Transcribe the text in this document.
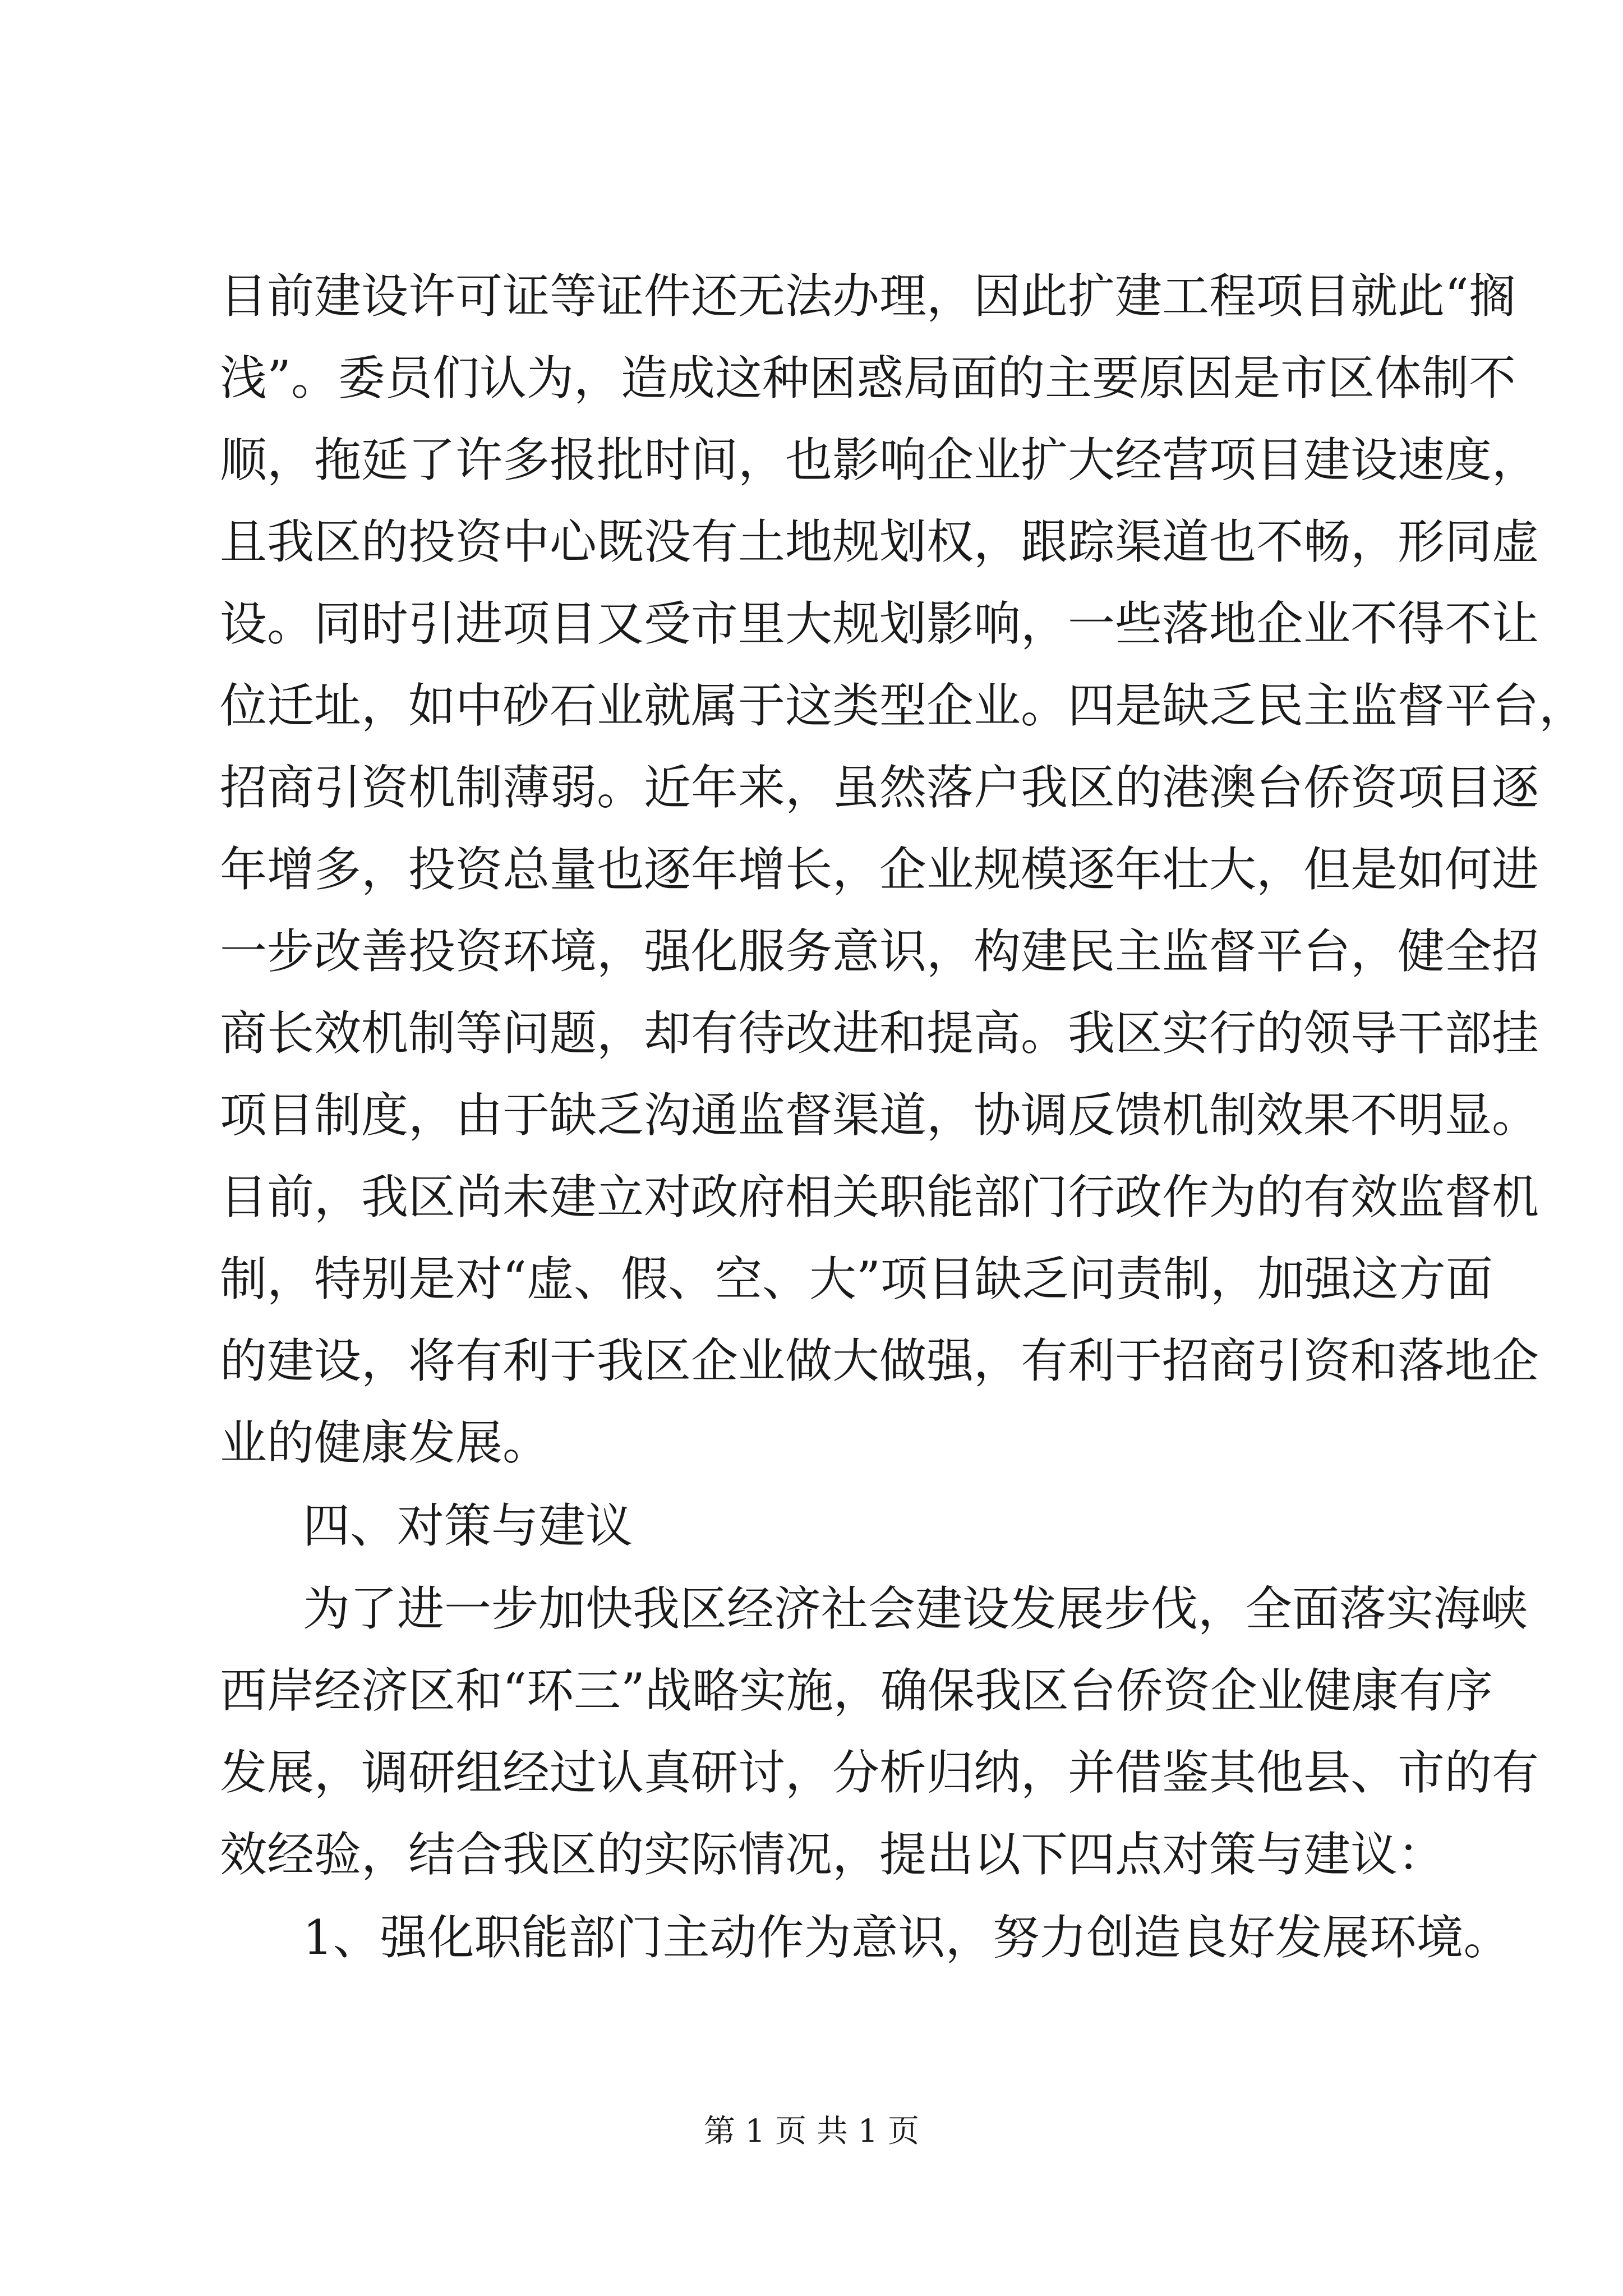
目前建设许可证等证件还无法办理，因此扩建工程项目就此“搁
浅”。委员们认为，造成这种困惑局面的主要原因是市区体制不
顺，拖延了许多报批时间，也影响企业扩大经营项目建设速度，
且我区的投资中心既没有土地规划权，跟踪渠道也不畅，形同虚
设。同时引进项目又受市里大规划影响，一些落地企业不得不让
位迁址，如中砂石业就属于这类型企业。四是缺乏民主监督平台，
招商引资机制薄弱。近年来，虽然落户我区的港澳台侨资项目逐
年增多，投资总量也逐年增长，企业规模逐年壮大，但是如何进
一步改善投资环境，强化服务意识，构建民主监督平台，健全招
商长效机制等问题，却有待改进和提高。我区实行的领导干部挂
项目制度，由于缺乏沟通监督渠道，协调反馈机制效果不明显。
目前，我区尚未建立对政府相关职能部门行政作为的有效监督机
制，特别是对“虚、假、空、大”项目缺乏问责制，加强这方面
的建设，将有利于我区企业做大做强，有利于招商引资和落地企
业的健康发展。
四、对策与建议
为了进一步加快我区经济社会建设发展步伐，全面落实海峡
西岸经济区和“环三”战略实施，确保我区台侨资企业健康有序
发展，调研组经过认真研讨，分析归纳，并借鉴其他县、市的有
效经验，结合我区的实际情况，提出以下四点对策与建议：
1、强化职能部门主动作为意识，努力创造良好发展环境。
第 1 页 共 1 页
